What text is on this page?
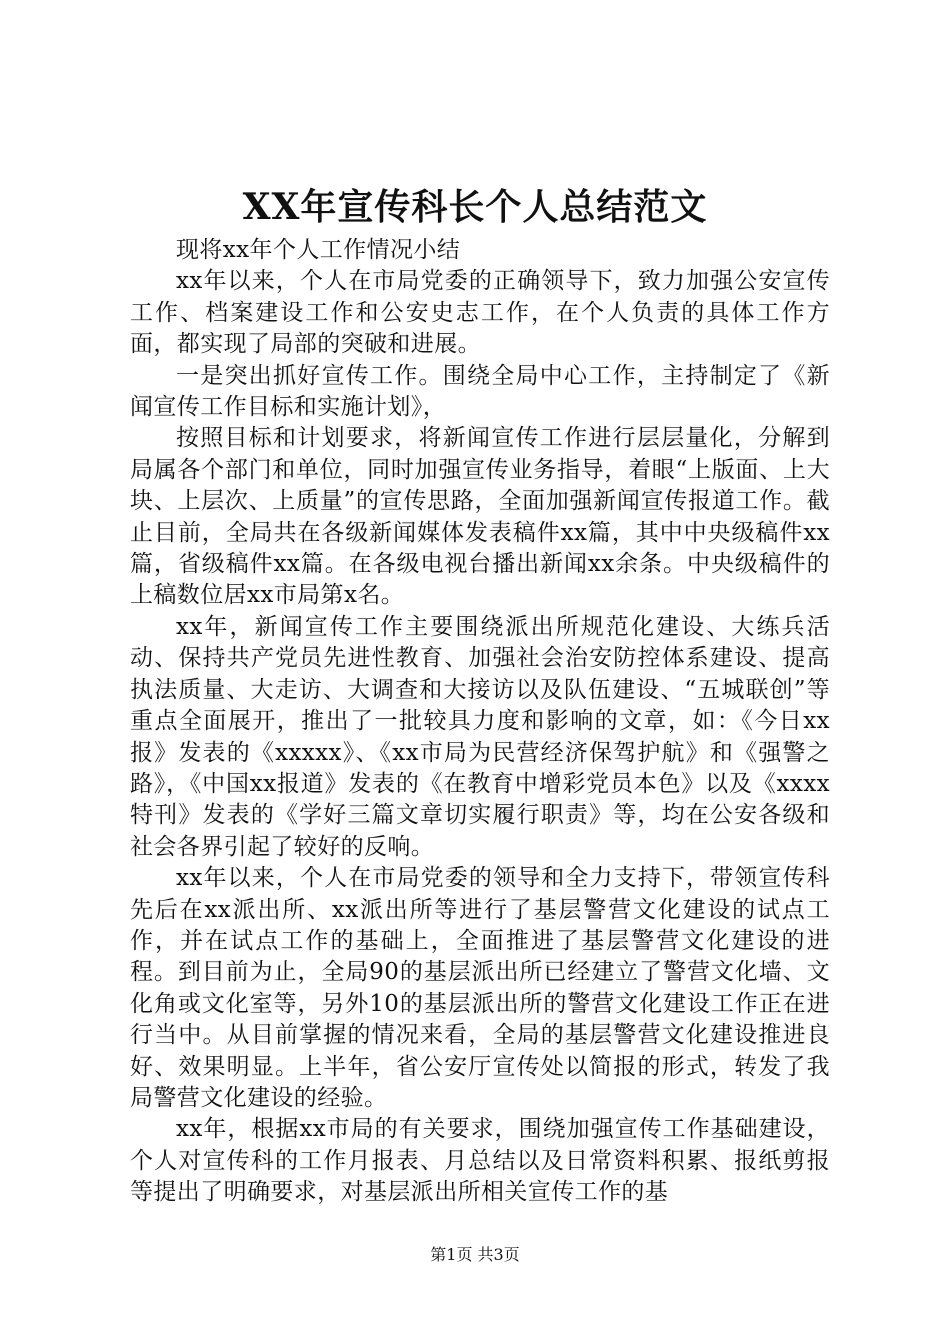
XX年宣传科长个人总结范文

现将xx年个人工作情况小结

xx年以来，个人在市局党委的正确领导下，致力加强公安宣传工作、档案建设工作和公安史志工作，在个人负责的具体工作方面，都实现了局部的突破和进展。

一是突出抓好宣传工作。围绕全局中心工作，主持制定了《新闻宣传工作目标和实施计划》，

按照目标和计划要求，将新闻宣传工作进行层层量化，分解到局属各个部门和单位，同时加强宣传业务指导，着眼“上版面、上大块、上层次、上质量”的宣传思路，全面加强新闻宣传报道工作。截止目前，全局共在各级新闻媒体发表稿件xx篇，其中中央级稿件xx篇，省级稿件xx篇。在各级电视台播出新闻xx余条。中央级稿件的上稿数位居xx市局第x名。

xx年，新闻宣传工作主要围绕派出所规范化建设、大练兵活动、保持共产党员先进性教育、加强社会治安防控体系建设、提高执法质量、大走访、大调查和大接访以及队伍建设、“五城联创”等重点全面展开，推出了一批较具力度和影响的文章，如：《今日xx报》发表的《xxxxx》、《xx市局为民营经济保驾护航》和《强警之路》，《中国xx报道》发表的《在教育中增彩党员本色》以及《xxxx特刊》发表的《学好三篇文章切实履行职责》等，均在公安各级和社会各界引起了较好的反响。

xx年以来，个人在市局党委的领导和全力支持下，带领宣传科先后在xx派出所、xx派出所等进行了基层警营文化建设的试点工作，并在试点工作的基础上，全面推进了基层警营文化建设的进程。到目前为止，全局90的基层派出所已经建立了警营文化墙、文化角或文化室等，另外10的基层派出所的警营文化建设工作正在进行当中。从目前掌握的情况来看，全局的基层警营文化建设推进良好、效果明显。上半年，省公安厅宣传处以简报的形式，转发了我局警营文化建设的经验。

xx年，根据xx市局的有关要求，围绕加强宣传工作基础建设，个人对宣传科的工作月报表、月总结以及日常资料积累、报纸剪报等提出了明确要求，对基层派出所相关宣传工作的基

第1页 共3页
